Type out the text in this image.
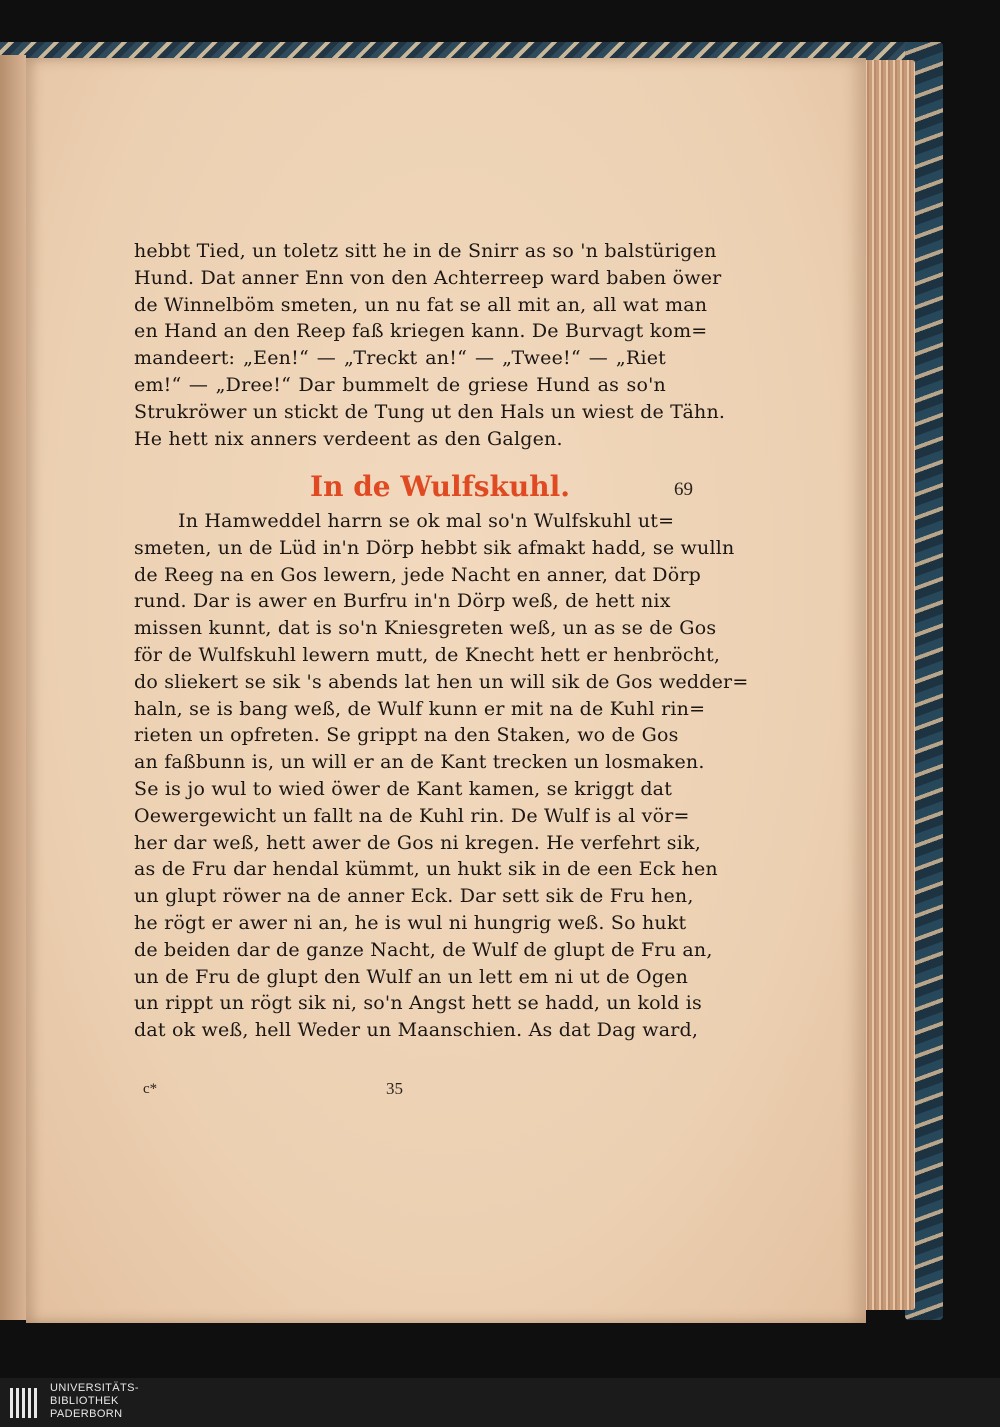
hebbt Tied, un toletz sitt he in de Snirr as so 'n balstürigen
Hund. Dat anner Enn von den Achterreep ward baben öwer
de Winnelböm smeten, un nu fat se all mit an, all wat man
en Hand an den Reep faß kriegen kann. De Burvagt kom=
mandeert: „Een!“ — „Treckt an!“ — „Twee!“ — „Riet
em!“ — „Dree!“ Dar bummelt de griese Hund as so'n
Strukröwer un stickt de Tung ut den Hals un wiest de Tähn.
He hett nix anners verdeent as den Galgen.
In de Wulfskuhl.	69
In Hamweddel harrn se ok mal so'n Wulfskuhl ut=
smeten, un de Lüd in'n Dörp hebbt sik afmakt hadd, se wulln
de Reeg na en Gos lewern, jede Nacht en anner, dat Dörp
rund. Dar is awer en Burfru in'n Dörp weß, de hett nix
missen kunnt, dat is so'n Kniesgreten weß, un as se de Gos
för de Wulfskuhl lewern mutt, de Knecht hett er henbröcht,
do sliekert se sik 's abends lat hen un will sik de Gos wedder=
haln, se is bang weß, de Wulf kunn er mit na de Kuhl rin=
rieten un opfreten. Se grippt na den Staken, wo de Gos
an faßbunn is, un will er an de Kant trecken un losmaken.
Se is jo wul to wied öwer de Kant kamen, se kriggt dat
Oewergewicht un fallt na de Kuhl rin. De Wulf is al vör=
her dar weß, hett awer de Gos ni kregen. He verfehrt sik,
as de Fru dar hendal kümmt, un hukt sik in de een Eck hen
un glupt röwer na de anner Eck. Dar sett sik de Fru hen,
he rögt er awer ni an, he is wul ni hungrig weß. So hukt
de beiden dar de ganze Nacht, de Wulf de glupt de Fru an,
un de Fru de glupt den Wulf an un lett em ni ut de Ogen
un rippt un rögt sik ni, so'n Angst hett se hadd, un kold is
dat ok weß, hell Weder un Maanschien. As dat Dag ward,
c*	35
UNIVERSITÄTS-
BIBLIOTHEK
PADERBORN
